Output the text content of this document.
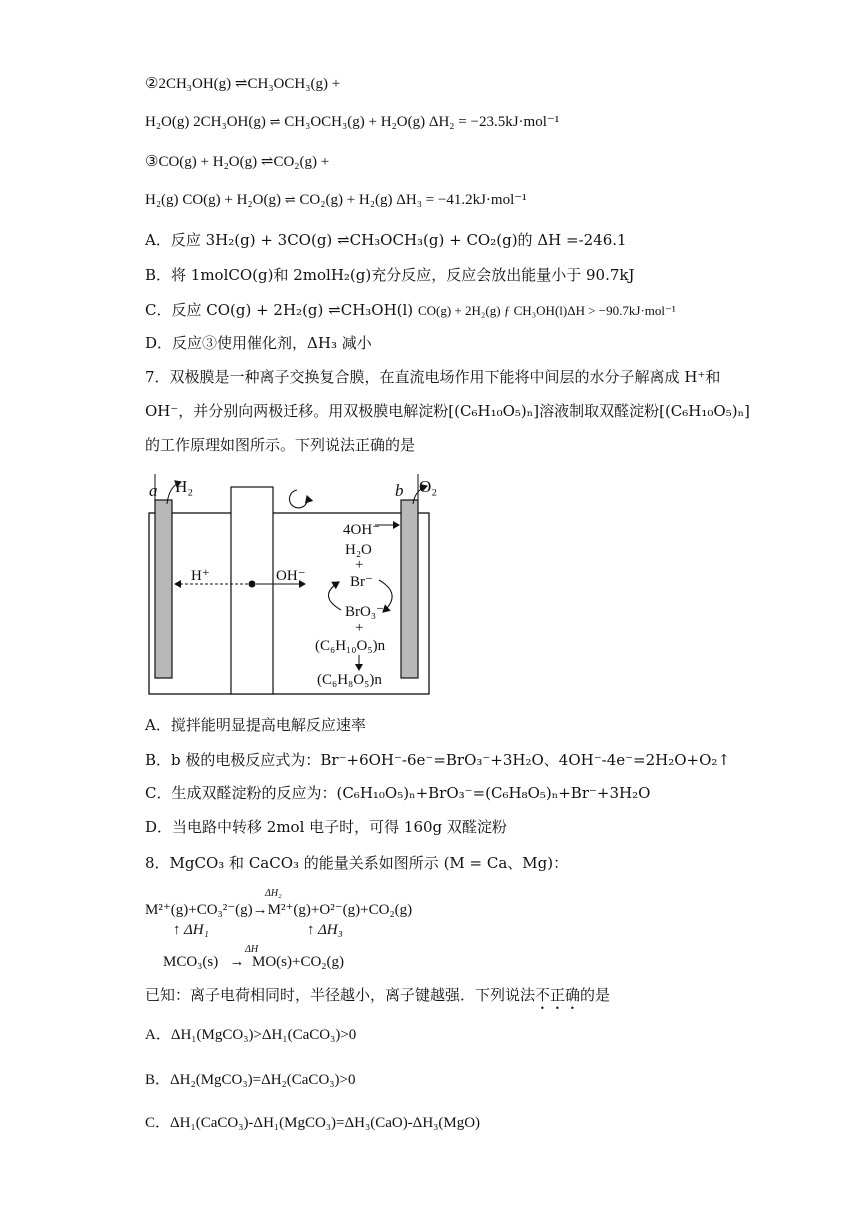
②2CH₃OH(g) ⇌CH₃OCH₃(g) +
H₂O(g) 2CH₃OH(g) ⇌ CH₃OCH₃(g) + H₂O(g) ΔH₂ = −23.5kJ·mol⁻¹
③CO(g) + H₂O(g) ⇌CO₂(g) +
H₂(g) CO(g) + H₂O(g) ⇌ CO₂(g) + H₂(g) ΔH₃ = −41.2kJ·mol⁻¹
A．反应 3H₂(g) + 3CO(g) ⇌CH₃OCH₃(g) + CO₂(g)的 ΔH =-246.1
B．将 1molCO(g)和 2molH₂(g)充分反应，反应会放出能量小于 90.7kJ
C．反应 CO(g) + 2H₂(g) ⇌CH₃OH(l) CO(g) + 2H₂(g) ƒ CH₃OH(l)ΔH > −90.7kJ·mol⁻¹
D．反应③使用催化剂，ΔH₃ 减小
7．双极膜是一种离子交换复合膜，在直流电场作用下能将中间层的水分子解离成 H⁺和
OH⁻，并分别向两极迁移。用双极膜电解淀粉[(C₆H₁₀O₅)ₙ]溶液制取双醛淀粉[(C₆H₁₀O₅)ₙ]
的工作原理如图所示。下列说法正确的是
a H₂	b O₂
H⁺	OH⁻
4OH⁻
H₂O
+
Br⁻
BrO₃⁻
+
(C₆H₁₀O₅)n
(C₆H₈O₅)n
A．搅拌能明显提高电解反应速率
B．b 极的电极反应式为：Br⁻+6OH⁻-6e⁻=BrO₃⁻+3H₂O、4OH⁻-4e⁻=2H₂O+O₂↑
C．生成双醛淀粉的反应为：(C₆H₁₀O₅)ₙ+BrO₃⁻=(C₆H₈O₅)ₙ+Br⁻+3H₂O
D．当电路中转移 2mol 电子时，可得 160g 双醛淀粉
8．MgCO₃ 和 CaCO₃ 的能量关系如图所示 (M = Ca、Mg)：
ΔH₂
M²⁺(g)+CO₃²⁻(g)→M²⁺(g)+O²⁻(g)+CO₂(g)
↑ ΔH₁	↑ ΔH₃
ΔH
MCO₃(s)   →  MO(s)+CO₂(g)
已知：离子电荷相同时，半径越小，离子键越强．下列说法不正确的是
A．ΔH₁(MgCO₃)>ΔH₁(CaCO₃)>0
B．ΔH₂(MgCO₃)=ΔH₂(CaCO₃)>0
C．ΔH₁(CaCO₃)-ΔH₁(MgCO₃)=ΔH₃(CaO)-ΔH₃(MgO)
